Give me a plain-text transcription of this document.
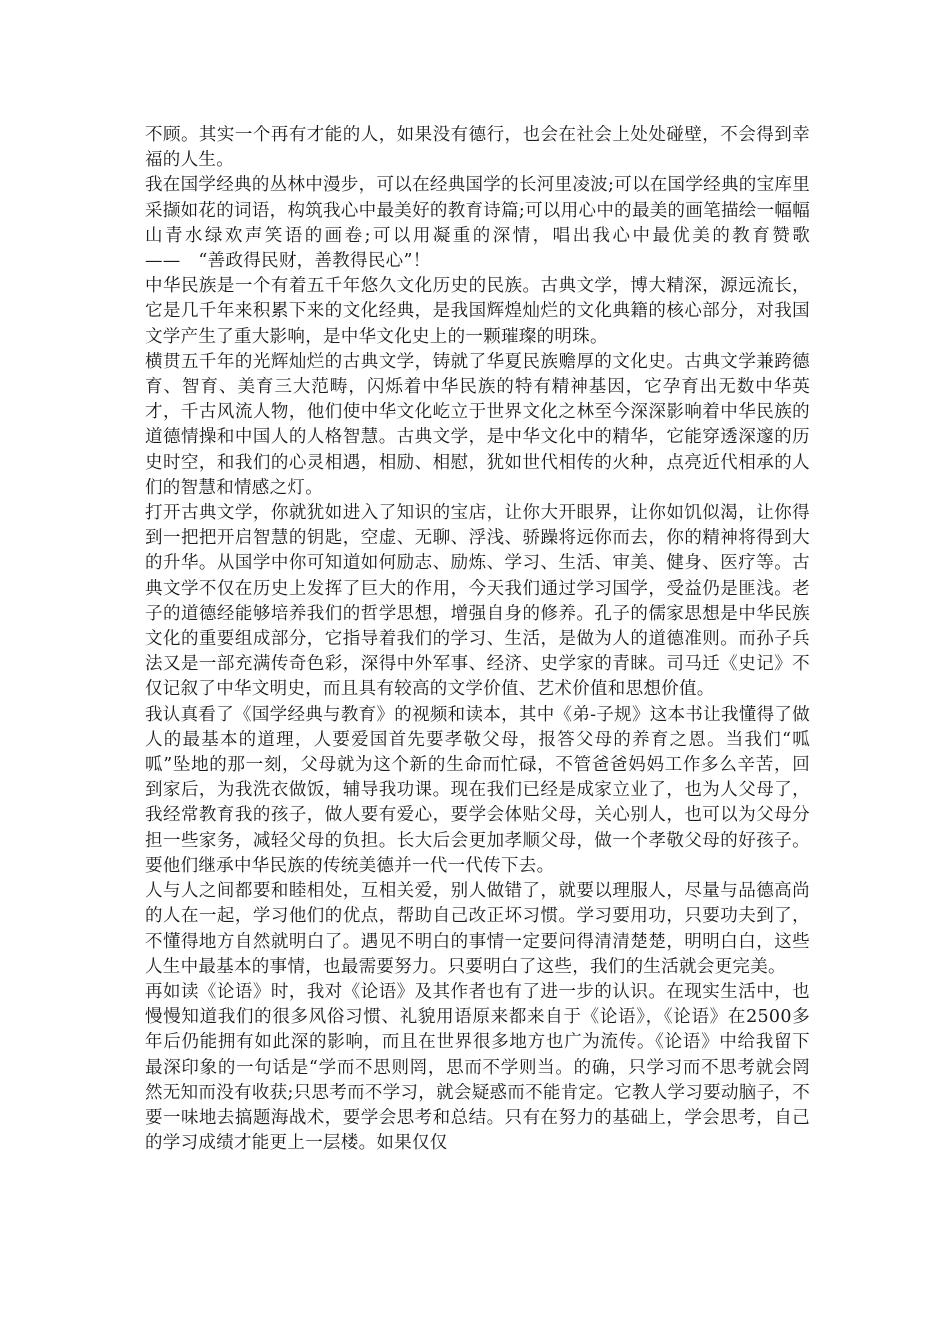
不顾。其实一个再有才能的人，如果没有德行，也会在社会上处处碰壁，不会得到幸福的人生。

我在国学经典的丛林中漫步，可以在经典国学的长河里凌波;可以在国学经典的宝库里采撷如花的词语，构筑我心中最美好的教育诗篇;可以用心中的最美的画笔描绘一幅幅山青水绿欢声笑语的画卷;可以用凝重的深情，唱出我心中最优美的教育赞歌——　“善政得民财，善教得民心”！

中华民族是一个有着五千年悠久文化历史的民族。古典文学，博大精深，源远流长，它是几千年来积累下来的文化经典，是我国辉煌灿烂的文化典籍的核心部分，对我国文学产生了重大影响，是中华文化史上的一颗璀璨的明珠。

横贯五千年的光辉灿烂的古典文学，铸就了华夏民族赡厚的文化史。古典文学兼跨德育、智育、美育三大范畴，闪烁着中华民族的特有精神基因，它孕育出无数中华英才，千古风流人物，他们使中华文化屹立于世界文化之林至今深深影响着中华民族的道德情操和中国人的人格智慧。古典文学，是中华文化中的精华，它能穿透深邃的历史时空，和我们的心灵相遇，相励、相慰，犹如世代相传的火种，点亮近代相承的人们的智慧和情感之灯。

打开古典文学，你就犹如进入了知识的宝店，让你大开眼界，让你如饥似渴，让你得到一把把开启智慧的钥匙，空虚、无聊、浮浅、骄躁将远你而去，你的精神将得到大的升华。从国学中你可知道如何励志、励炼、学习、生活、审美、健身、医疗等。古典文学不仅在历史上发挥了巨大的作用，今天我们通过学习国学，受益仍是匪浅。老子的道德经能够培养我们的哲学思想，增强自身的修养。孔子的儒家思想是中华民族文化的重要组成部分，它指导着我们的学习、生活，是做为人的道德准则。而孙子兵法又是一部充满传奇色彩，深得中外军事、经济、史学家的青睐。司马迁《史记》不仅记叙了中华文明史，而且具有较高的文学价值、艺术价值和思想价值。

我认真看了《国学经典与教育》的视频和读本，其中《弟-子规》这本书让我懂得了做人的最基本的道理，人要爱国首先要孝敬父母，报答父母的养育之恩。当我们“呱呱”坠地的那一刻，父母就为这个新的生命而忙碌，不管爸爸妈妈工作多么辛苦，回到家后，为我洗衣做饭，辅导我功课。现在我们已经是成家立业了，也为人父母了，我经常教育我的孩子，做人要有爱心，要学会体贴父母，关心别人，也可以为父母分担一些家务，减轻父母的负担。长大后会更加孝顺父母，做一个孝敬父母的好孩子。要他们继承中华民族的传统美德并一代一代传下去。

人与人之间都要和睦相处，互相关爱，别人做错了，就要以理服人，尽量与品德高尚的人在一起，学习他们的优点，帮助自己改正坏习惯。学习要用功，只要功夫到了，不懂得地方自然就明白了。遇见不明白的事情一定要问得清清楚楚，明明白白，这些人生中最基本的事情，也最需要努力。只要明白了这些，我们的生活就会更完美。

再如读《论语》时，我对《论语》及其作者也有了进一步的认识。在现实生活中，也慢慢知道我们的很多风俗习惯、礼貌用语原来都来自于《论语》，《论语》在2500多年后仍能拥有如此深的影响，而且在世界很多地方也广为流传。《论语》中给我留下最深印象的一句话是“学而不思则罔，思而不学则当。的确，只学习而不思考就会罔然无知而没有收获;只思考而不学习，就会疑惑而不能肯定。它教人学习要动脑子，不要一味地去搞题海战术，要学会思考和总结。只有在努力的基础上，学会思考，自己的学习成绩才能更上一层楼。如果仅仅
